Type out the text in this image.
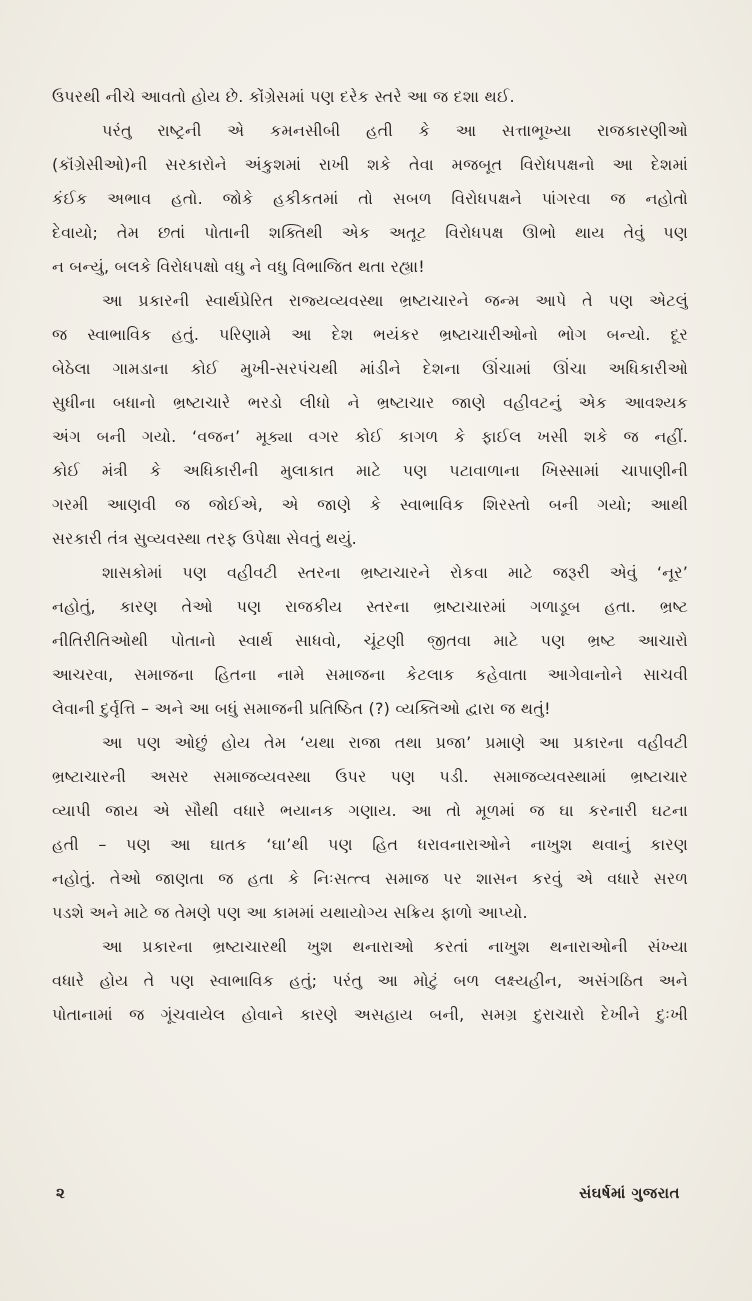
ઉપરથી નીચે આવતો હોય છે. કોંગ્રેસમાં પણ દરેક સ્તરે આ જ દશા થઈ.
પરંતુ રાષ્ટ્રની એ કમનસીબી હતી કે આ સત્તાભૂખ્યા રાજકારણીઓ
(કૉંગ્રેસીઓ)ની સરકારોને અંકુશમાં રાખી શકે તેવા મજબૂત વિરોધપક્ષનો આ દેશમાં
કંઈક અભાવ હતો. જોકે હકીકતમાં તો સબળ વિરોધપક્ષને પાંગરવા જ નહોતો
દેવાયો; તેમ છતાં પોતાની શક્તિથી એક અતૂટ વિરોધપક્ષ ઊભો થાય તેવું પણ
ન બન્યું, બલકે વિરોધપક્ષો વધુ ને વધુ વિભાજિત થતા રહ્યા!
આ પ્રકારની સ્વાર્થપ્રેરિત રાજ્યવ્યવસ્થા ભ્રષ્ટાચારને જન્મ આપે તે પણ એટલું
જ સ્વાભાવિક હતું. પરિણામે આ દેશ ભયંકર ભ્રષ્ટાચારીઓનો ભોગ બન્યો. દૂર
બેઠેલા ગામડાના કોઈ મુખી-સરપંચથી માંડીને દેશના ઊંચામાં ઊંચા અધિકારીઓ
સુધીના બધાનો ભ્રષ્ટાચારે ભરડો લીધો ને ભ્રષ્ટાચાર જાણે વહીવટનું એક આવશ્યક
અંગ બની ગયો. ‘વજન’ મૂક્યા વગર કોઈ કાગળ કે ફાઈલ ખસી શકે જ નહીં.
કોઈ મંત્રી કે અધિકારીની મુલાકાત માટે પણ પટાવાળાના ખિસ્સામાં ચાપાણીની
ગરમી આણવી જ જોઈએ, એ જાણે કે સ્વાભાવિક શિરસ્તો બની ગયો; આથી
સરકારી તંત્ર સુવ્યવસ્થા તરફ ઉપેક્ષા સેવતું થયું.
શાસકોમાં પણ વહીવટી સ્તરના ભ્રષ્ટાચારને રોકવા માટે જરૂરી એવું ‘નૂર’
નહોતું, કારણ તેઓ પણ રાજકીય સ્તરના ભ્રષ્ટાચારમાં ગળાડૂબ હતા. ભ્રષ્ટ
નીતિરીતિઓથી પોતાનો સ્વાર્થ સાધવો, ચૂંટણી જીતવા માટે પણ ભ્રષ્ટ આચારો
આચરવા, સમાજના હિતના નામે સમાજના કેટલાક કહેવાતા આગેવાનોને સાચવી
લેવાની દુર્વૃત્તિ – અને આ બધું સમાજની પ્રતિષ્ઠિત (?) વ્યક્તિઓ દ્વારા જ થતું!
આ પણ ઓછું હોય તેમ ‘યથા રાજા તથા પ્રજા’ પ્રમાણે આ પ્રકારના વહીવટી
ભ્રષ્ટાચારની અસર સમાજવ્યવસ્થા ઉપર પણ પડી. સમાજવ્યવસ્થામાં ભ્રષ્ટાચાર
વ્યાપી જાય એ સૌથી વધારે ભયાનક ગણાય. આ તો મૂળમાં જ ઘા કરનારી ઘટના
હતી – પણ આ ઘાતક ‘ઘા’થી પણ હિત ધરાવનારાઓને નાખુશ થવાનું કારણ
નહોતું. તેઓ જાણતા જ હતા કે નિઃસત્ત્વ સમાજ પર શાસન કરવું એ વધારે સરળ
પડશે અને માટે જ તેમણે પણ આ કામમાં યથાયોગ્ય સક્રિય ફાળો આપ્યો.
આ પ્રકારના ભ્રષ્ટાચારથી ખુશ થનારાઓ કરતાં નાખુશ થનારાઓની સંખ્યા
વધારે હોય તે પણ સ્વાભાવિક હતું; પરંતુ આ મોટું બળ લક્ષ્યહીન, અસંગઠિત અને
પોતાનામાં જ ગૂંચવાયેલ હોવાને કારણે અસહાય બની, સમગ્ર દુરાચારો દેખીને દુઃખી
૨	સંઘર્ષમાં ગુજરાત
